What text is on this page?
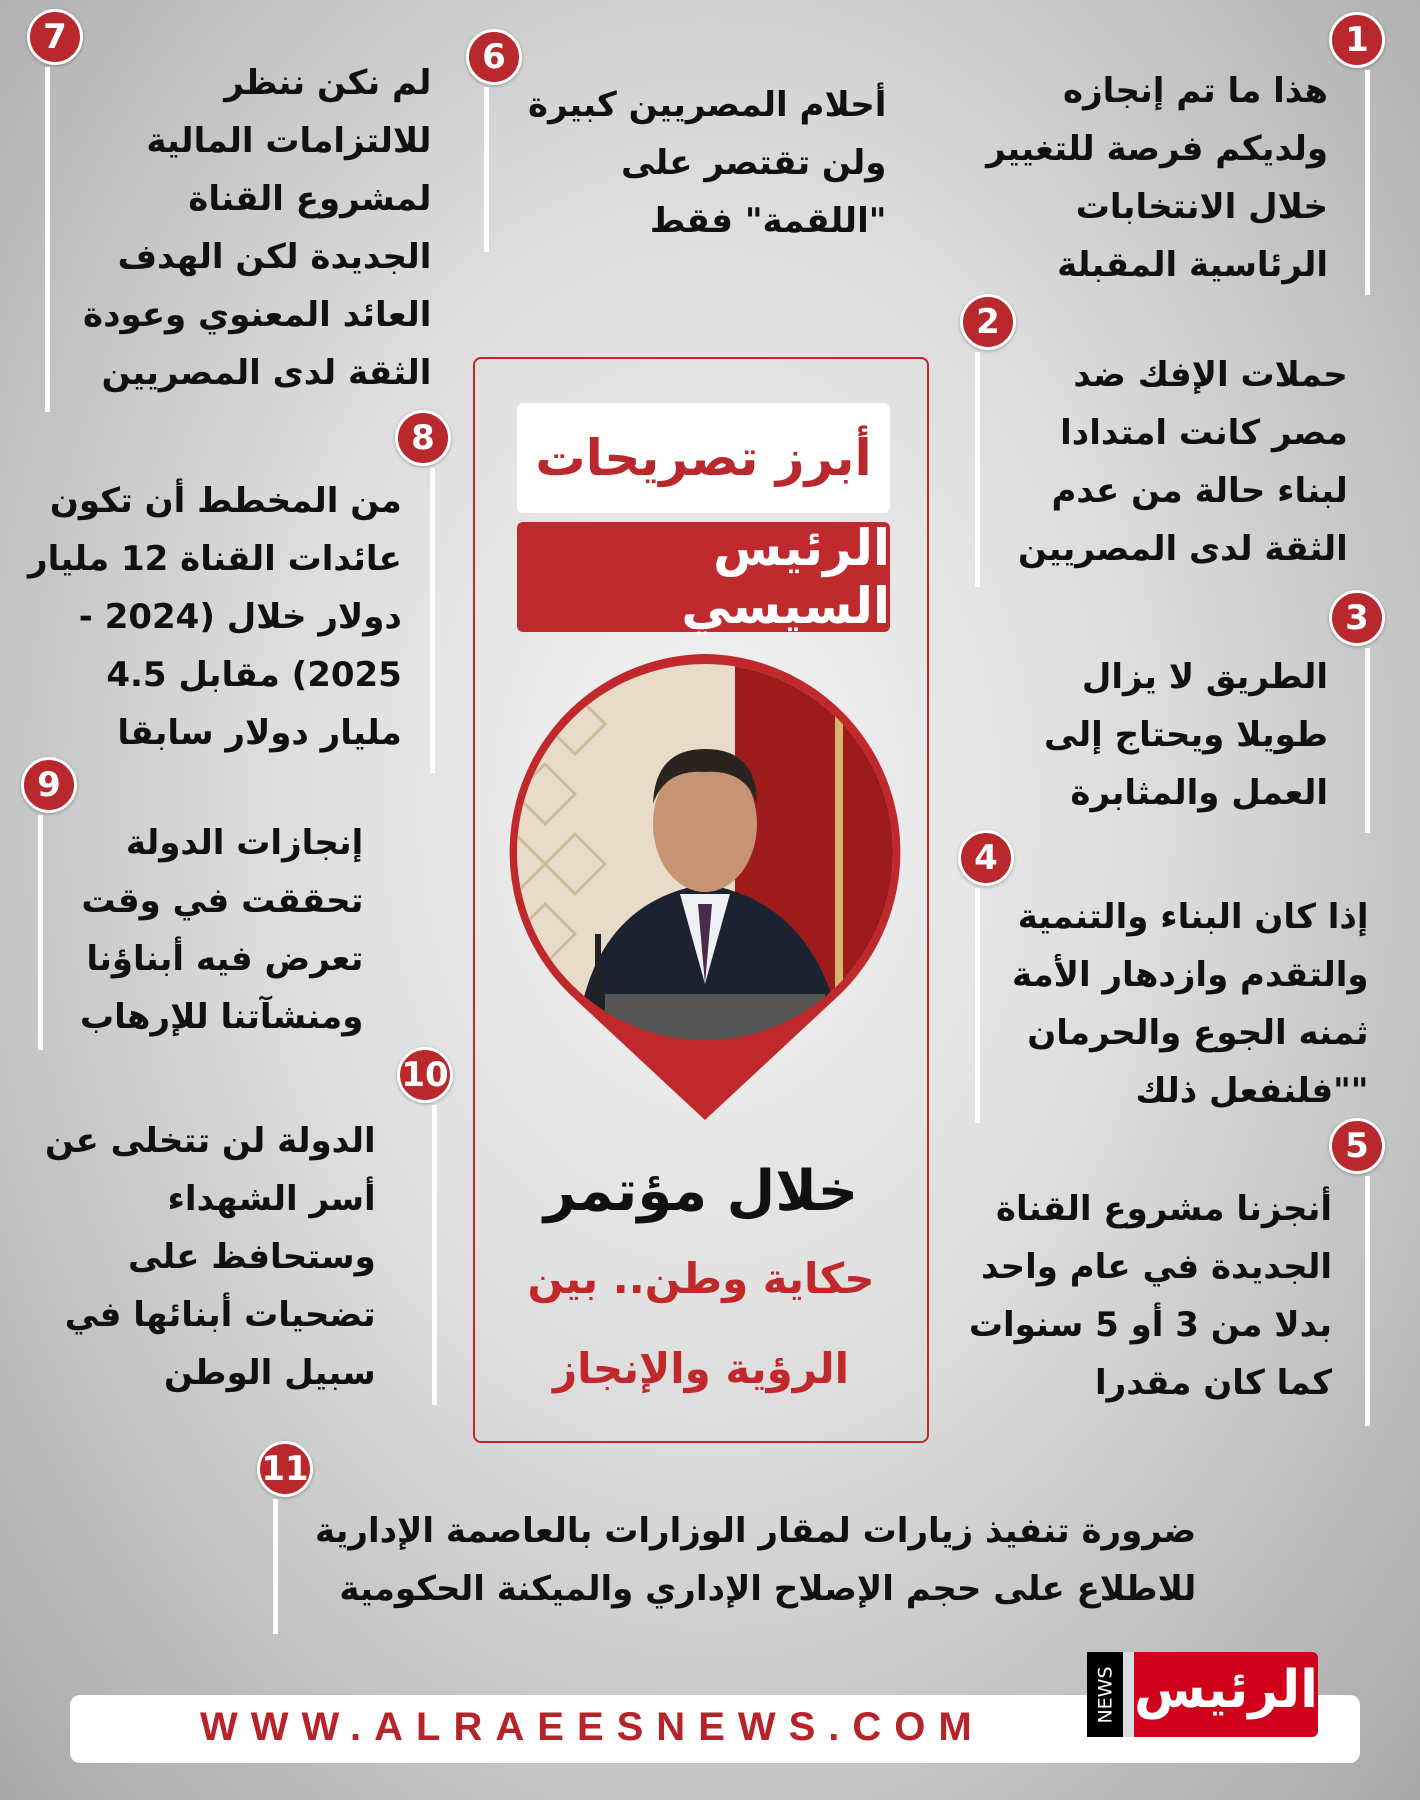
1
هذا ما تم إنجازه
ولديكم فرصة للتغيير
خلال الانتخابات
الرئاسية المقبلة
2
حملات الإفك ضد
مصر كانت امتدادا
لبناء حالة من عدم
الثقة لدى المصريين
3
الطريق لا يزال
طويلا ويحتاج إلى
العمل والمثابرة
4
إذا كان البناء والتنمية
والتقدم وازدهار الأمة
ثمنه الجوع والحرمان
""فلنفعل ذلك
5
أنجزنا مشروع القناة
الجديدة في عام واحد
بدلا من 3 أو 5 سنوات
كما كان مقدرا
6
أحلام المصريين كبيرة
ولن تقتصر على
"اللقمة" فقط
7
لم نكن ننظر
للالتزامات المالية
لمشروع القناة
الجديدة لكن الهدف
العائد المعنوي وعودة
الثقة لدى المصريين
8
من المخطط أن تكون
عائدات القناة 12 مليار
دولار خلال (2024 -
2025) مقابل 4.5
مليار دولار سابقا
9
إنجازات الدولة
تحققت في وقت
تعرض فيه أبناؤنا
ومنشآتنا للإرهاب
10
الدولة لن تتخلى عن
أسر الشهداء
وستحافظ على
تضحيات أبنائها في
سبيل الوطن
11
ضرورة تنفيذ زيارات لمقار الوزارات بالعاصمة الإدارية
للاطلاع على حجم الإصلاح الإداري والميكنة الحكومية
أبرز تصريحات
الرئيس السيسي
خلال مؤتمر
حكاية وطن.. بين
الرؤية والإنجاز
WWW.ALRAEESNEWS.COM
NEWS الرئيس
